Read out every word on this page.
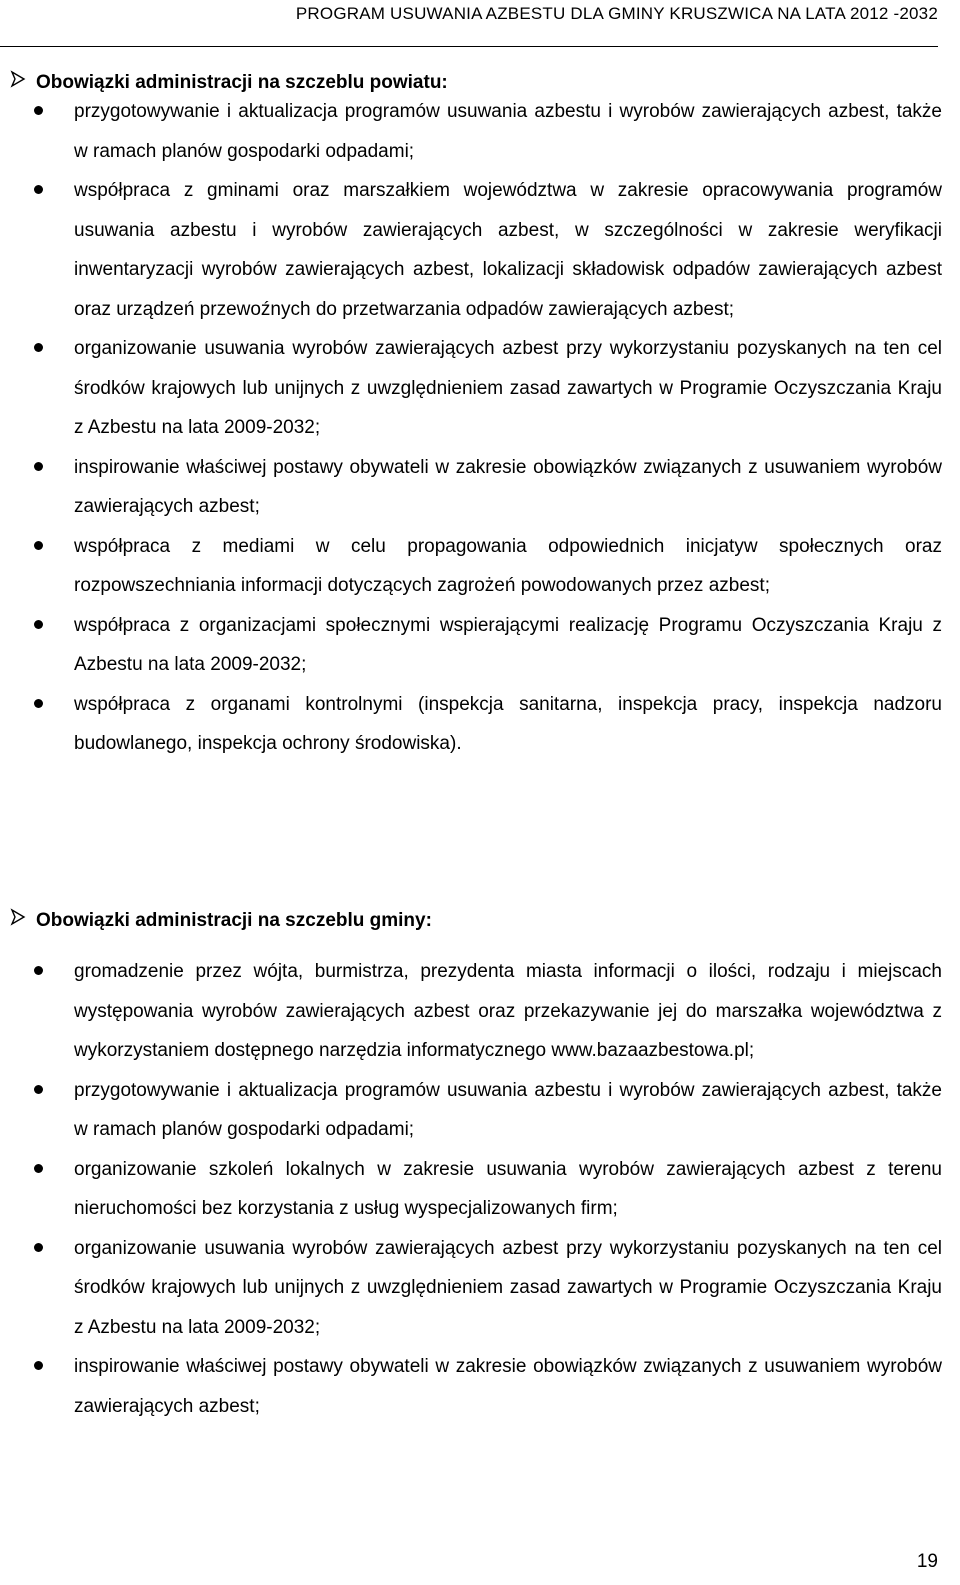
PROGRAM USUWANIA AZBESTU DLA GMINY KRUSZWICA NA LATA 2012 -2032
Obowiązki administracji na szczeblu powiatu:
przygotowywanie i aktualizacja programów usuwania azbestu i wyrobów zawierających azbest, także w ramach planów gospodarki odpadami;
współpraca z gminami oraz marszałkiem województwa w zakresie opracowywania programów usuwania azbestu i wyrobów zawierających azbest, w szczególności w zakresie weryfikacji inwentaryzacji wyrobów zawierających azbest, lokalizacji składowisk odpadów zawierających azbest oraz urządzeń przewoźnych do przetwarzania odpadów zawierających azbest;
organizowanie usuwania wyrobów zawierających azbest przy wykorzystaniu pozyskanych na ten cel środków krajowych lub unijnych z uwzględnieniem zasad zawartych w Programie Oczyszczania Kraju z Azbestu na lata 2009-2032;
inspirowanie właściwej postawy obywateli w zakresie obowiązków związanych z usuwaniem wyrobów zawierających azbest;
współpraca z mediami w celu propagowania odpowiednich inicjatyw społecznych oraz rozpowszechniania informacji dotyczących zagrożeń powodowanych przez azbest;
współpraca z organizacjami społecznymi wspierającymi realizację Programu Oczyszczania Kraju z Azbestu na lata 2009-2032;
współpraca z organami kontrolnymi (inspekcja sanitarna, inspekcja pracy, inspekcja nadzoru budowlanego, inspekcja ochrony środowiska).
Obowiązki administracji na szczeblu gminy:
gromadzenie przez wójta, burmistrza, prezydenta miasta informacji o ilości, rodzaju i miejscach występowania wyrobów zawierających azbest oraz przekazywanie jej do marszałka województwa z wykorzystaniem dostępnego narzędzia informatycznego www.bazaazbestowa.pl;
przygotowywanie i aktualizacja programów usuwania azbestu i wyrobów zawierających azbest, także w ramach planów gospodarki odpadami;
organizowanie szkoleń lokalnych w zakresie usuwania wyrobów zawierających azbest z terenu nieruchomości bez korzystania z usług wyspecjalizowanych firm;
organizowanie usuwania wyrobów zawierających azbest przy wykorzystaniu pozyskanych na ten cel środków krajowych lub unijnych z uwzględnieniem zasad zawartych w Programie Oczyszczania Kraju z Azbestu na lata 2009-2032;
inspirowanie właściwej postawy obywateli w zakresie obowiązków związanych z usuwaniem wyrobów zawierających azbest;
19
